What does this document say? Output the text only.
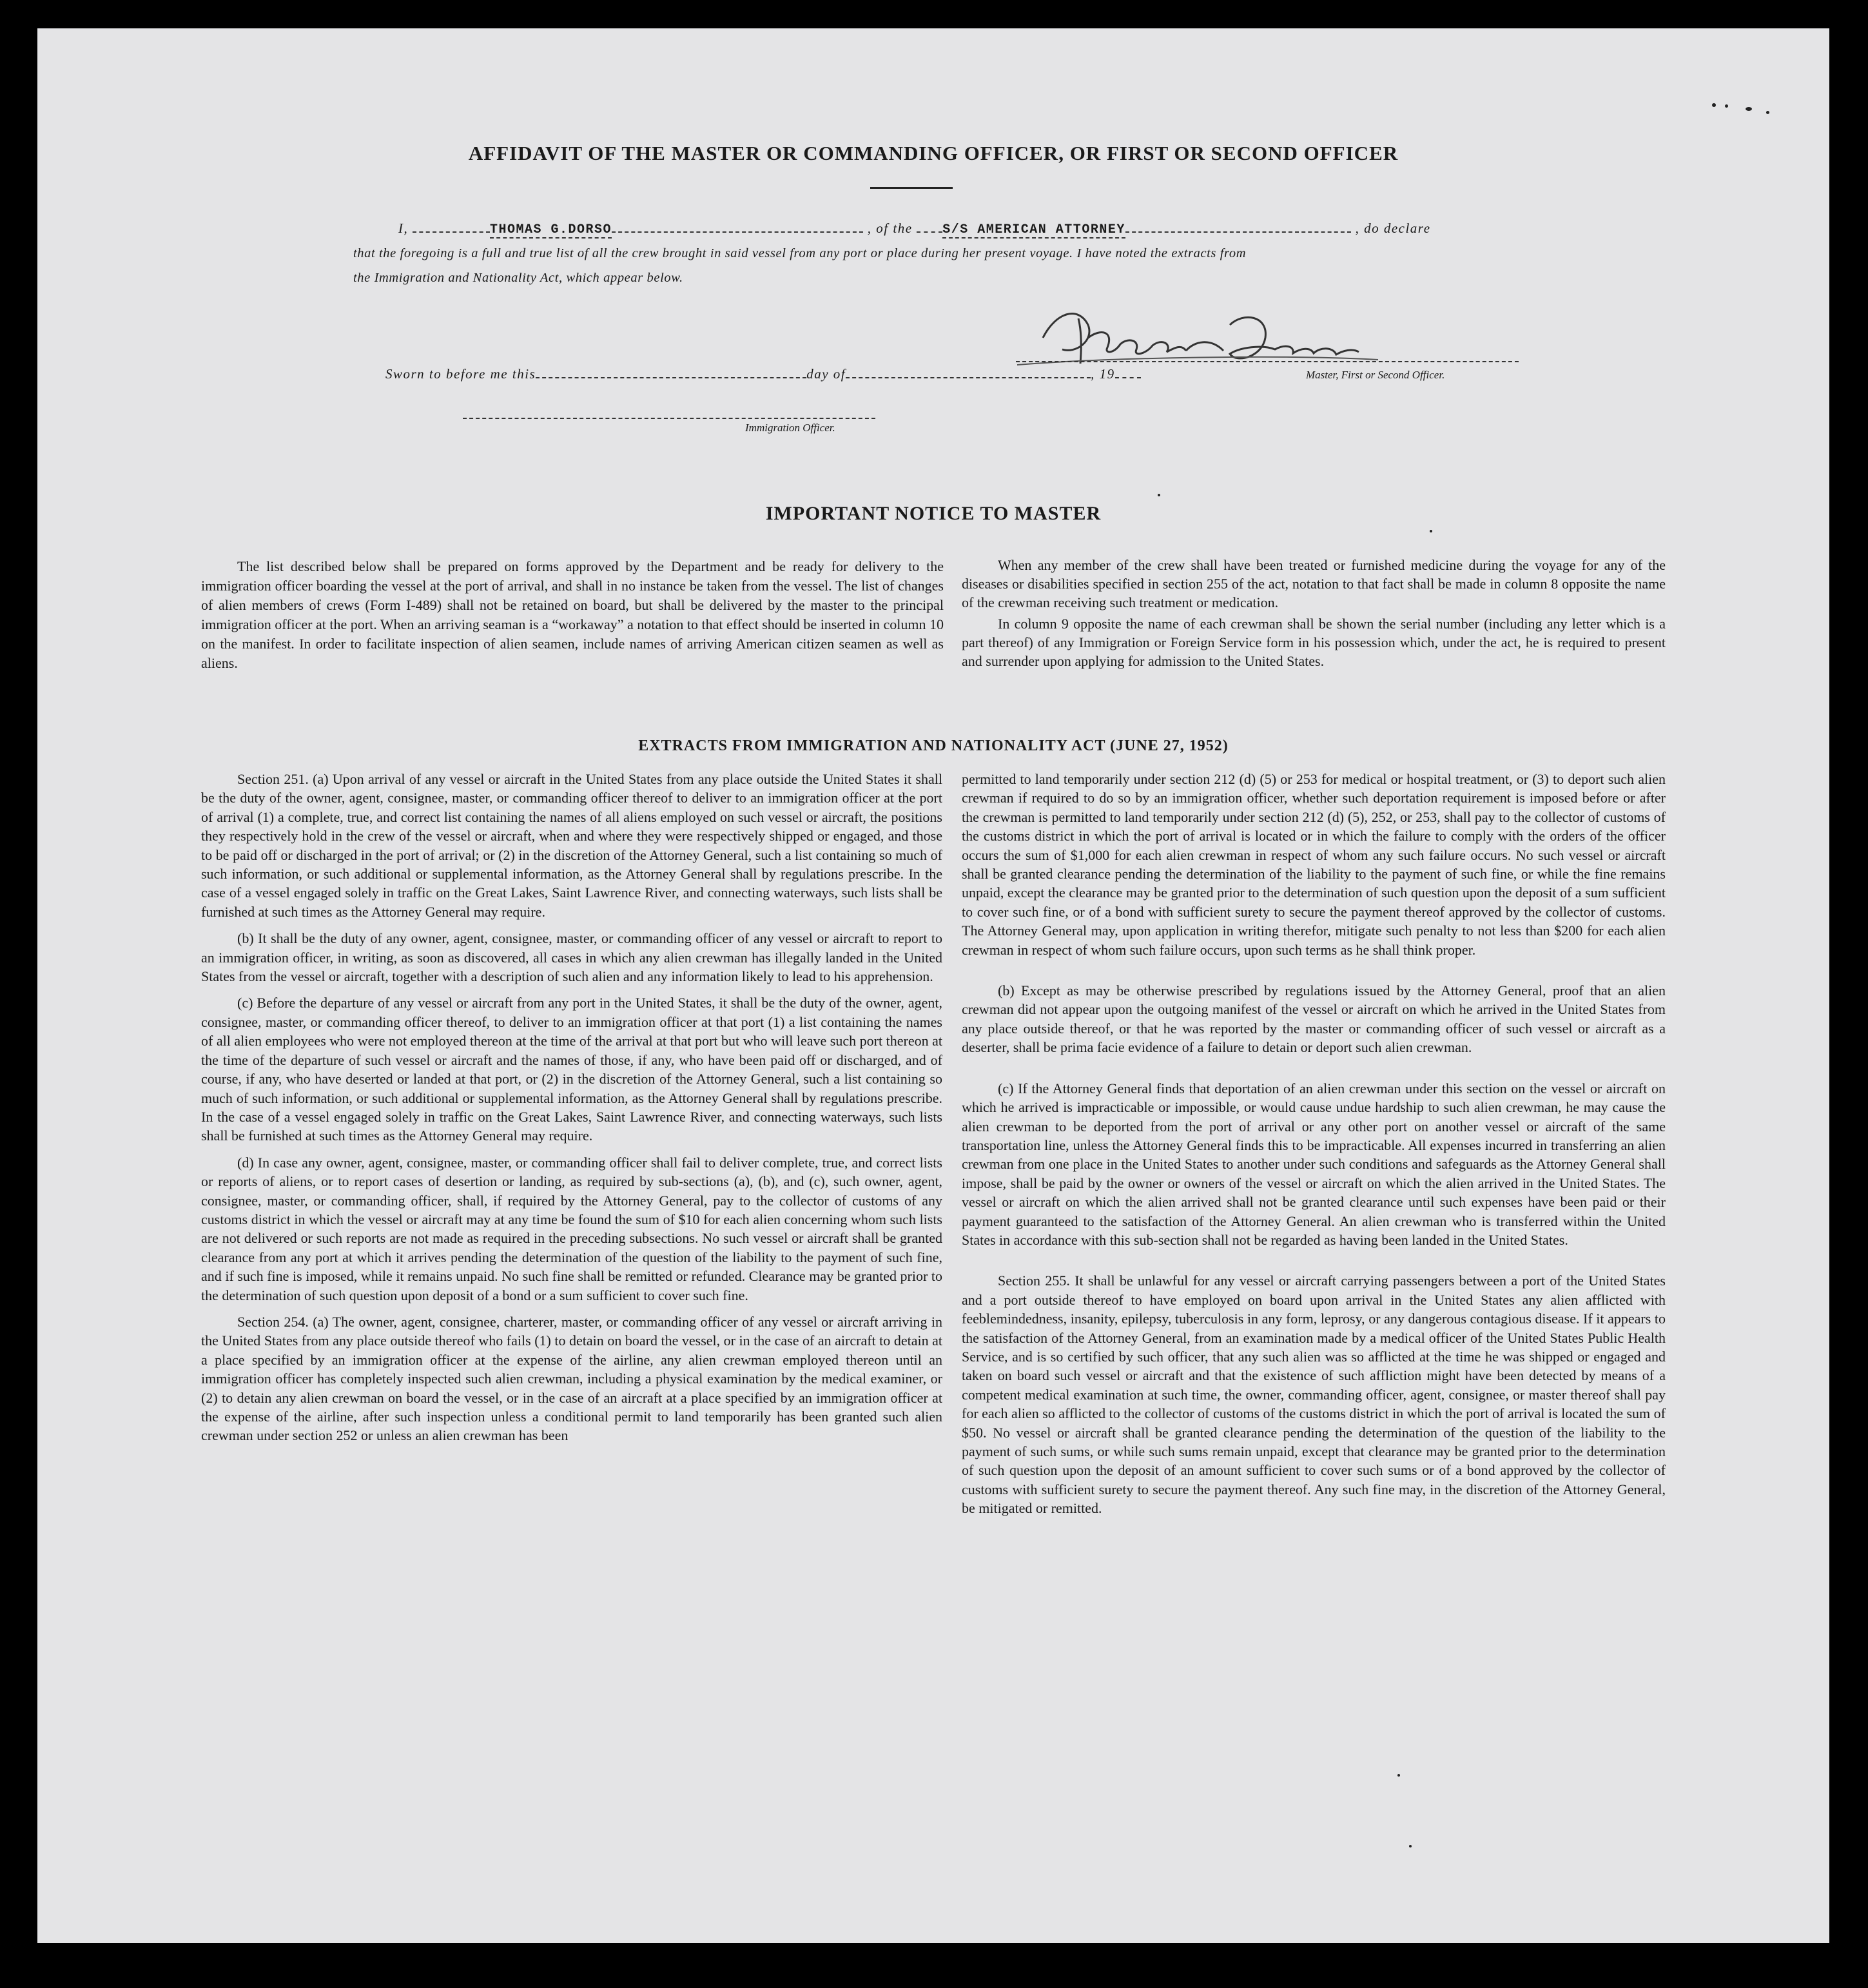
AFFIDAVIT OF THE MASTER OR COMMANDING OFFICER, OR FIRST OR SECOND OFFICER
I,	THOMAS G.DORSO	, of the S/S AMERICAN ATTORNEY	, do declare
that the foregoing is a full and true list of all the crew brought in said vessel from any port or place during her present voyage. I have noted the extracts from
the Immigration and Nationality Act, which appear below.
Master, First or Second Officer.
Sworn to before me this	day of	, 19
Immigration Officer.
IMPORTANT NOTICE TO MASTER

The list described below shall be prepared on forms approved by the Department and be ready for delivery to the immigration officer boarding the vessel at the port of arrival, and shall in no instance be taken from the vessel. The list of changes of alien members of crews (Form I-489) shall not be retained on board, but shall be delivered by the master to the principal immigration officer at the port. When an arriving seaman is a “workaway” a notation to that effect should be inserted in column 10 on the manifest. In order to facilitate inspection of alien seamen, include names of arriving American citizen seamen as well as aliens.

When any member of the crew shall have been treated or furnished medicine during the voyage for any of the diseases or disabilities specified in section 255 of the act, notation to that fact shall be made in column 8 opposite the name of the crewman receiving such treatment or medication.

In column 9 opposite the name of each crewman shall be shown the serial number (including any letter which is a part thereof) of any Immigration or Foreign Service form in his possession which, under the act, he is required to present and surrender upon applying for admission to the United States.

EXTRACTS FROM IMMIGRATION AND NATIONALITY ACT (JUNE 27, 1952)

Section 251. (a) Upon arrival of any vessel or aircraft in the United States from any place outside the United States it shall be the duty of the owner, agent, consignee, master, or commanding officer thereof to deliver to an immigration officer at the port of arrival (1) a complete, true, and correct list containing the names of all aliens employed on such vessel or aircraft, the positions they respectively hold in the crew of the vessel or aircraft, when and where they were respectively shipped or engaged, and those to be paid off or discharged in the port of arrival; or (2) in the discretion of the Attorney General, such a list containing so much of such information, or such additional or supplemental information, as the Attorney General shall by regulations prescribe. In the case of a vessel engaged solely in traffic on the Great Lakes, Saint Lawrence River, and connecting waterways, such lists shall be furnished at such times as the Attorney General may require.

(b) It shall be the duty of any owner, agent, consignee, master, or commanding officer of any vessel or aircraft to report to an immigration officer, in writing, as soon as discovered, all cases in which any alien crewman has illegally landed in the United States from the vessel or aircraft, together with a description of such alien and any information likely to lead to his apprehension.

(c) Before the departure of any vessel or aircraft from any port in the United States, it shall be the duty of the owner, agent, consignee, master, or commanding officer thereof, to deliver to an immigration officer at that port (1) a list containing the names of all alien employees who were not employed thereon at the time of the arrival at that port but who will leave such port thereon at the time of the departure of such vessel or aircraft and the names of those, if any, who have been paid off or discharged, and of course, if any, who have deserted or landed at that port, or (2) in the discretion of the Attorney General, such a list containing so much of such information, or such additional or supplemental information, as the Attorney General shall by regulations prescribe. In the case of a vessel engaged solely in traffic on the Great Lakes, Saint Lawrence River, and connecting waterways, such lists shall be furnished at such times as the Attorney General may require.

(d) In case any owner, agent, consignee, master, or commanding officer shall fail to deliver complete, true, and correct lists or reports of aliens, or to report cases of desertion or landing, as required by sub-sections (a), (b), and (c), such owner, agent, consignee, master, or commanding officer, shall, if required by the Attorney General, pay to the collector of customs of any customs district in which the vessel or aircraft may at any time be found the sum of $10 for each alien concerning whom such lists are not delivered or such reports are not made as required in the preceding subsections. No such vessel or aircraft shall be granted clearance from any port at which it arrives pending the determination of the question of the liability to the payment of such fine, and if such fine is imposed, while it remains unpaid. No such fine shall be remitted or refunded. Clearance may be granted prior to the determination of such question upon deposit of a bond or a sum sufficient to cover such fine.

Section 254. (a) The owner, agent, consignee, charterer, master, or commanding officer of any vessel or aircraft arriving in the United States from any place outside thereof who fails (1) to detain on board the vessel, or in the case of an aircraft to detain at a place specified by an immigration officer at the expense of the airline, any alien crewman employed thereon until an immigration officer has completely inspected such alien crewman, including a physical examination by the medical examiner, or (2) to detain any alien crewman on board the vessel, or in the case of an aircraft at a place specified by an immigration officer at the expense of the airline, after such inspection unless a conditional permit to land temporarily has been granted such alien crewman under section 252 or unless an alien crewman has been

permitted to land temporarily under section 212 (d) (5) or 253 for medical or hospital treatment, or (3) to deport such alien crewman if required to do so by an immigration officer, whether such deportation requirement is imposed before or after the crewman is permitted to land temporarily under section 212 (d) (5), 252, or 253, shall pay to the collector of customs of the customs district in which the port of arrival is located or in which the failure to comply with the orders of the officer occurs the sum of $1,000 for each alien crewman in respect of whom any such failure occurs. No such vessel or aircraft shall be granted clearance pending the determination of the liability to the payment of such fine, or while the fine remains unpaid, except the clearance may be granted prior to the determination of such question upon the deposit of a sum sufficient to cover such fine, or of a bond with sufficient surety to secure the payment thereof approved by the collector of customs. The Attorney General may, upon application in writing therefor, mitigate such penalty to not less than $200 for each alien crewman in respect of whom such failure occurs, upon such terms as he shall think proper.

(b) Except as may be otherwise prescribed by regulations issued by the Attorney General, proof that an alien crewman did not appear upon the outgoing manifest of the vessel or aircraft on which he arrived in the United States from any place outside thereof, or that he was reported by the master or commanding officer of such vessel or aircraft as a deserter, shall be prima facie evidence of a failure to detain or deport such alien crewman.

(c) If the Attorney General finds that deportation of an alien crewman under this section on the vessel or aircraft on which he arrived is impracticable or impossible, or would cause undue hardship to such alien crewman, he may cause the alien crewman to be deported from the port of arrival or any other port on another vessel or aircraft of the same transportation line, unless the Attorney General finds this to be impracticable. All expenses incurred in transferring an alien crewman from one place in the United States to another under such conditions and safeguards as the Attorney General shall impose, shall be paid by the owner or owners of the vessel or aircraft on which the alien arrived in the United States. The vessel or aircraft on which the alien arrived shall not be granted clearance until such expenses have been paid or their payment guaranteed to the satisfaction of the Attorney General. An alien crewman who is transferred within the United States in accordance with this sub-section shall not be regarded as having been landed in the United States.

Section 255. It shall be unlawful for any vessel or aircraft carrying passengers between a port of the United States and a port outside thereof to have employed on board upon arrival in the United States any alien afflicted with feeblemindedness, insanity, epilepsy, tuberculosis in any form, leprosy, or any dangerous contagious disease. If it appears to the satisfaction of the Attorney General, from an examination made by a medical officer of the United States Public Health Service, and is so certified by such officer, that any such alien was so afflicted at the time he was shipped or engaged and taken on board such vessel or aircraft and that the existence of such affliction might have been detected by means of a competent medical examination at such time, the owner, commanding officer, agent, consignee, or master thereof shall pay for each alien so afflicted to the collector of customs of the customs district in which the port of arrival is located the sum of $50. No vessel or aircraft shall be granted clearance pending the determination of the question of the liability to the payment of such sums, or while such sums remain unpaid, except that clearance may be granted prior to the determination of such question upon the deposit of an amount sufficient to cover such sums or of a bond approved by the collector of customs with sufficient surety to secure the payment thereof. Any such fine may, in the discretion of the Attorney General, be mitigated or remitted.
